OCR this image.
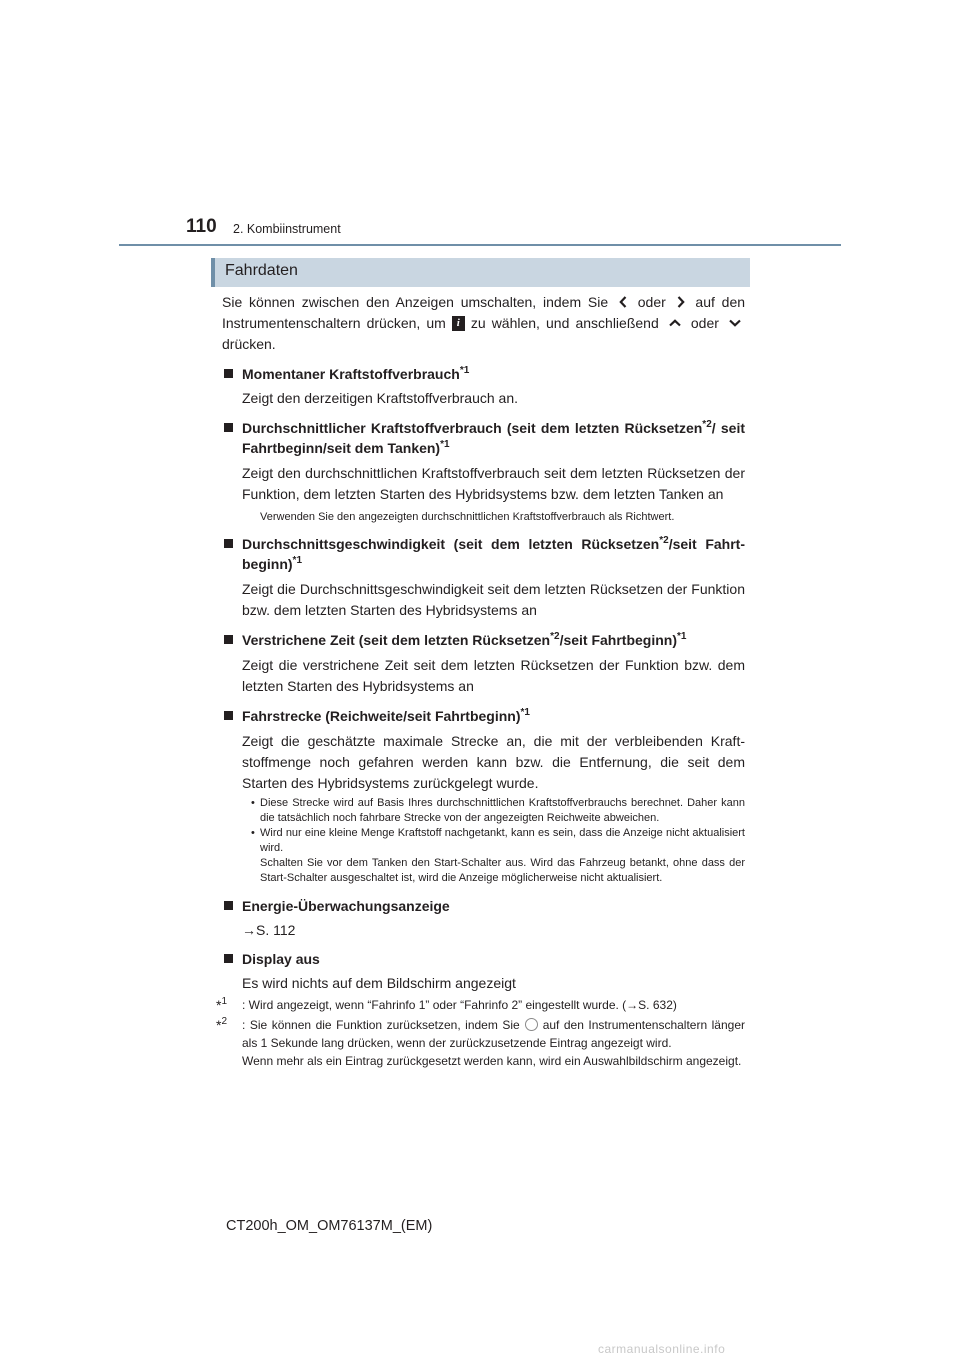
110 2. Kombiinstrument
Fahrdaten

Sie können zwischen den Anzeigen umschalten, indem Sie oder auf den Instrumentenschaltern drücken, um i zu wählen, und anschließend oder  drücken.

Momentaner Kraftstoffverbrauch$^{*1}$

Zeigt den derzeitigen Kraftstoffverbrauch an.

Durchschnittlicher Kraftstoffverbrauch (seit dem letzten Rücksetzen$^{*2}$/ seit Fahrtbeginn/seit dem Tanken)$^{*1}$

Zeigt den durchschnittlichen Kraftstoffverbrauch seit dem letzten Rücksetzen der Funktion, dem letzten Starten des Hybridsystems bzw. dem letzten Tanken an

Verwenden Sie den angezeigten durchschnittlichen Kraftstoffverbrauch als Richtwert.

Durchschnittsgeschwindigkeit (seit dem letzten Rücksetzen$^{*2}$/seit Fahrtbeginn)$^{*1}$

Zeigt die Durchschnittsgeschwindigkeit seit dem letzten Rücksetzen der Funktion bzw. dem letzten Starten des Hybridsystems an

Verstrichene Zeit (seit dem letzten Rücksetzen$^{*2}$/seit Fahrtbeginn)$^{*1}$

Zeigt die verstrichene Zeit seit dem letzten Rücksetzen der Funktion bzw. dem letzten Starten des Hybridsystems an

Fahrstrecke (Reichweite/seit Fahrtbeginn)$^{*1}$

Zeigt die geschätzte maximale Strecke an, die mit der verbleibenden Kraftstoffmenge noch gefahren werden kann bzw. die Entfernung, die seit dem Starten des Hybridsystems zurückgelegt wurde.

• Diese Strecke wird auf Basis Ihres durchschnittlichen Kraftstoffverbrauchs berechnet. Daher kann die tatsächlich noch fahrbare Strecke von der angezeigten Reichweite abweichen.
• Wird nur eine kleine Menge Kraftstoff nachgetankt, kann es sein, dass die Anzeige nicht aktualisiert wird.
Schalten Sie vor dem Tanken den Start-Schalter aus. Wird das Fahrzeug betankt, ohne dass der Start-Schalter ausgeschaltet ist, wird die Anzeige möglicherweise nicht aktualisiert.
Energie-Überwachungsanzeige

→S. 112

Display aus

Es wird nichts auf dem Bildschirm angezeigt

*$^1$ : Wird angezeigt, wenn “Fahrinfo 1” oder “Fahrinfo 2” eingestellt wurde. (→S. 632)

*$^2$ : Sie können die Funktion zurücksetzen, indem Sie auf den Instrumentenschaltern länger als 1 Sekunde lang drücken, wenn der zurückzusetzende Eintrag angezeigt wird.
Wenn mehr als ein Eintrag zurückgesetzt werden kann, wird ein Auswahlbildschirm angezeigt.

CT200h_OM_OM76137M_(EM)
carmanualsonline.info
